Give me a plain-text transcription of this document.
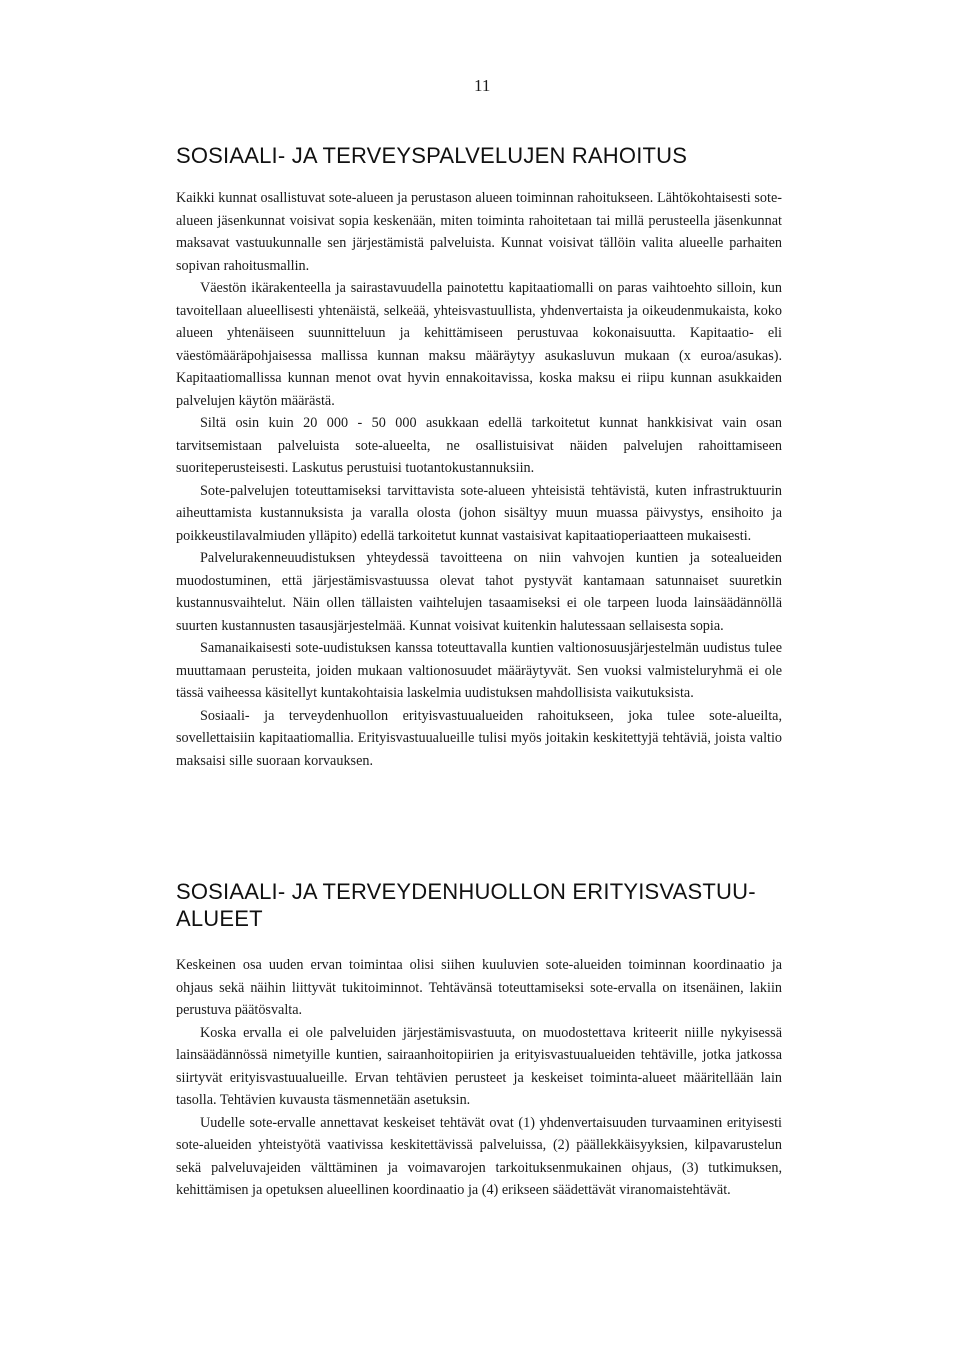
11
SOSIAALI- JA TERVEYSPALVELUJEN RAHOITUS

Kaikki kunnat osallistuvat sote-alueen ja perustason alueen toiminnan rahoitukseen. Lähtökohtaisesti sote-alueen jäsenkunnat voisivat sopia keskenään, miten toiminta rahoitetaan tai millä perusteella jäsenkunnat maksavat vastuukunnalle sen järjestämistä palveluista. Kunnat voisivat tällöin valita alueelle parhaiten sopivan rahoitusmallin.

Väestön ikärakenteella ja sairastavuudella painotettu kapitaatiomalli on paras vaihtoehto silloin, kun tavoitellaan alueellisesti yhtenäistä, selkeää, yhteisvastuullista, yhdenvertaista ja oikeudenmukaista, koko alueen yhtenäiseen suunnitteluun ja kehittämiseen perustuvaa kokonaisuutta. Kapitaatio- eli väestömääräpohjaisessa mallissa kunnan maksu määräytyy asukasluvun mukaan (x euroa/asukas). Kapitaatiomallissa kunnan menot ovat hyvin ennakoitavissa, koska maksu ei riipu kunnan asukkaiden palvelujen käytön määrästä.

Siltä osin kuin 20 000 - 50 000 asukkaan edellä tarkoitetut kunnat hankkisivat vain osan tarvitsemistaan palveluista sote-alueelta, ne osallistuisivat näiden palvelujen rahoittamiseen suoriteperusteisesti. Laskutus perustuisi tuotantokustannuksiin.

Sote-palvelujen toteuttamiseksi tarvittavista sote-alueen yhteisistä tehtävistä, kuten infrastruktuurin aiheuttamista kustannuksista ja varalla olosta (johon sisältyy muun muassa päivystys, ensihoito ja poikkeustilavalmiuden ylläpito) edellä tarkoitetut kunnat vastaisivat kapitaatioperiaatteen mukaisesti.

Palvelurakenneuudistuksen yhteydessä tavoitteena on niin vahvojen kuntien ja sotealueiden muodostuminen, että järjestämisvastuussa olevat tahot pystyvät kantamaan satunnaiset suuretkin kustannusvaihtelut. Näin ollen tällaisten vaihtelujen tasaamiseksi ei ole tarpeen luoda lainsäädännöllä suurten kustannusten tasausjärjestelmää. Kunnat voisivat kuitenkin halutessaan sellaisesta sopia.

Samanaikaisesti sote-uudistuksen kanssa toteuttavalla kuntien valtionosuusjärjestelmän uudistus tulee muuttamaan perusteita, joiden mukaan valtionosuudet määräytyvät. Sen vuoksi valmisteluryhmä ei ole tässä vaiheessa käsitellyt kuntakohtaisia laskelmia uudistuksen mahdollisista vaikutuksista.

Sosiaali- ja terveydenhuollon erityisvastuualueiden rahoitukseen, joka tulee sote-alueilta, sovellettaisiin kapitaatiomallia. Erityisvastuualueille tulisi myös joitakin keskitettyjä tehtäviä, joista valtio maksaisi sille suoraan korvauksen.

SOSIAALI- JA TERVEYDENHUOLLON ERITYISVASTUU-ALUEET

Keskeinen osa uuden ervan toimintaa olisi siihen kuuluvien sote-alueiden toiminnan koordinaatio ja ohjaus sekä näihin liittyvät tukitoiminnot. Tehtävänsä toteuttamiseksi sote-ervalla on itsenäinen, lakiin perustuva päätösvalta.

Koska ervalla ei ole palveluiden järjestämisvastuuta, on muodostettava kriteerit niille nykyisessä lainsäädännössä nimetyille kuntien, sairaanhoitopiirien ja erityisvastuualueiden tehtäville, jotka jatkossa siirtyvät erityisvastuualueille. Ervan tehtävien perusteet ja keskeiset toiminta-alueet määritellään lain tasolla. Tehtävien kuvausta täsmennetään asetuksin.

Uudelle sote-ervalle annettavat keskeiset tehtävät ovat (1) yhdenvertaisuuden turvaaminen erityisesti sote-alueiden yhteistyötä vaativissa keskitettävissä palveluissa, (2) päällekkäisyyksien, kilpavarustelun sekä palveluvajeiden välttäminen ja voimavarojen tarkoituksenmukainen ohjaus, (3) tutkimuksen, kehittämisen ja opetuksen alueellinen koordinaatio ja (4) erikseen säädettävät viranomaistehtävät.
